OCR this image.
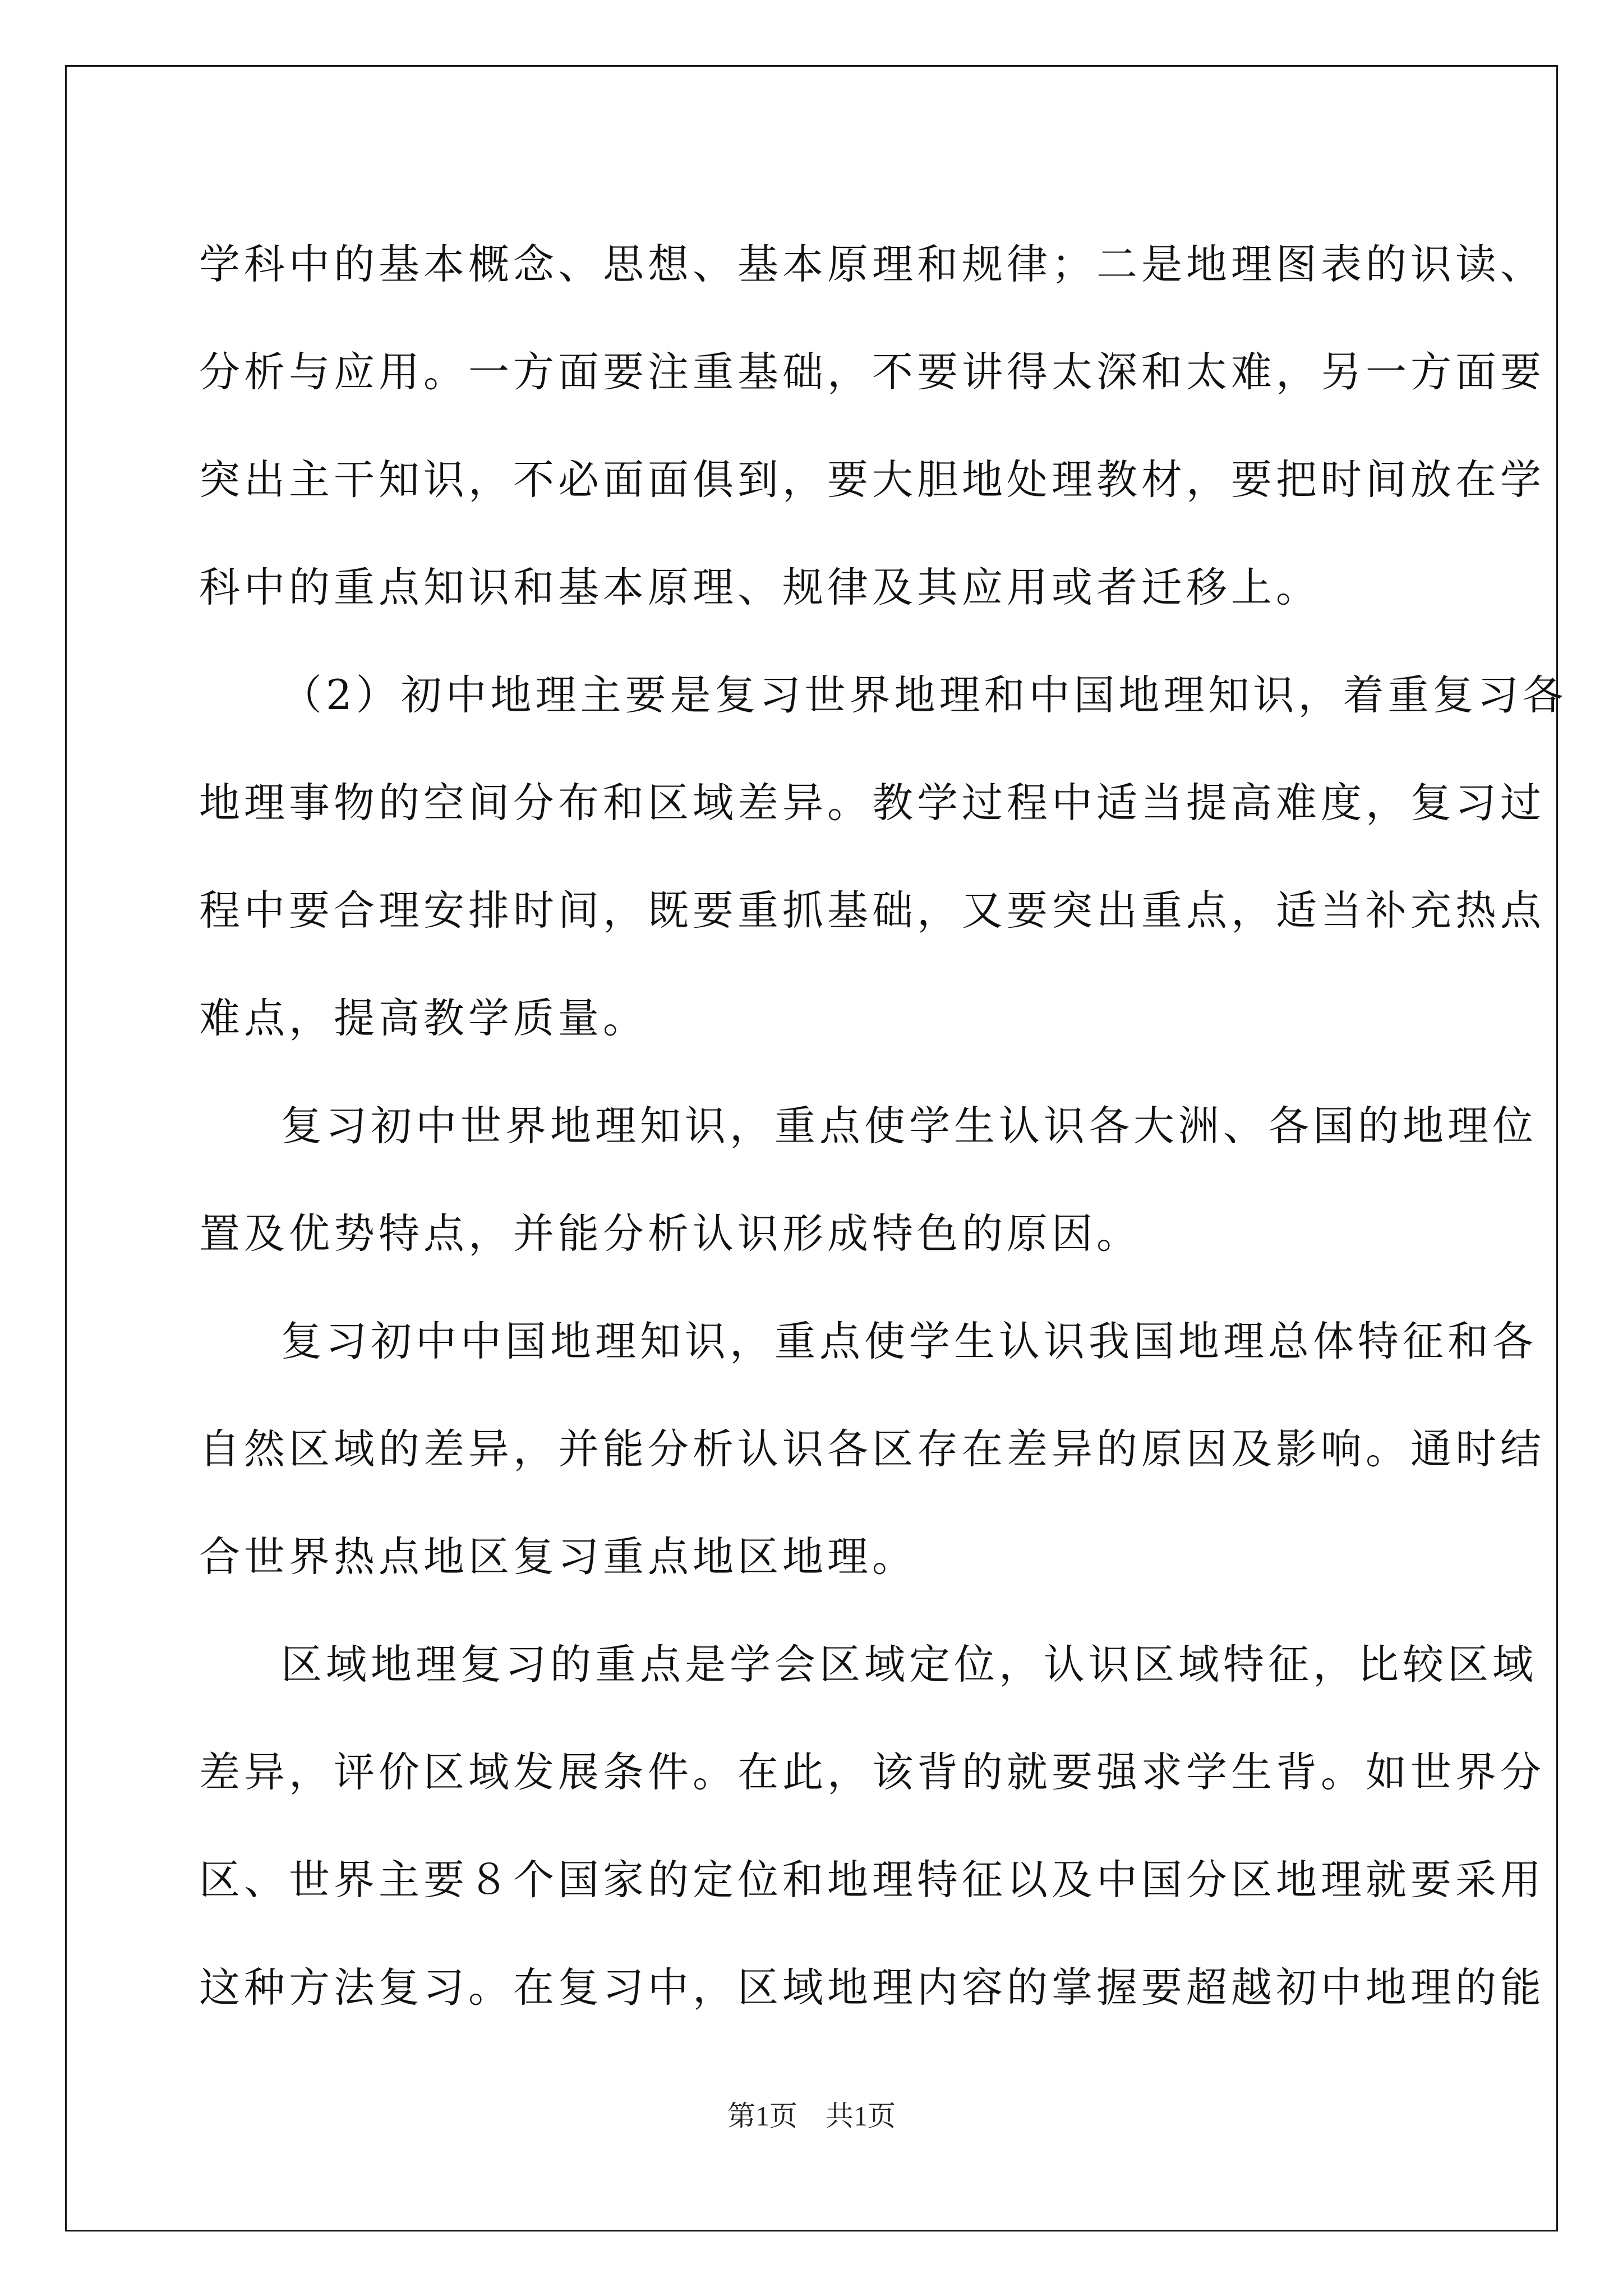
学科中的基本概念、思想、基本原理和规律；二是地理图表的识读、
分析与应用。一方面要注重基础，不要讲得太深和太难，另一方面要
突出主干知识，不必面面俱到，要大胆地处理教材，要把时间放在学
科中的重点知识和基本原理、规律及其应用或者迁移上。

（2）初中地理主要是复习世界地理和中国地理知识，着重复习各
地理事物的空间分布和区域差异。教学过程中适当提高难度，复习过
程中要合理安排时间，既要重抓基础，又要突出重点，适当补充热点
难点，提高教学质量。

复习初中世界地理知识，重点使学生认识各大洲、各国的地理位
置及优势特点，并能分析认识形成特色的原因。

复习初中中国地理知识，重点使学生认识我国地理总体特征和各
自然区域的差异，并能分析认识各区存在差异的原因及影响。通时结
合世界热点地区复习重点地区地理。

区域地理复习的重点是学会区域定位，认识区域特征，比较区域
差异，评价区域发展条件。在此，该背的就要强求学生背。如世界分
区、世界主要８个国家的定位和地理特征以及中国分区地理就要采用
这种方法复习。在复习中，区域地理内容的掌握要超越初中地理的能

第1页　共1页
